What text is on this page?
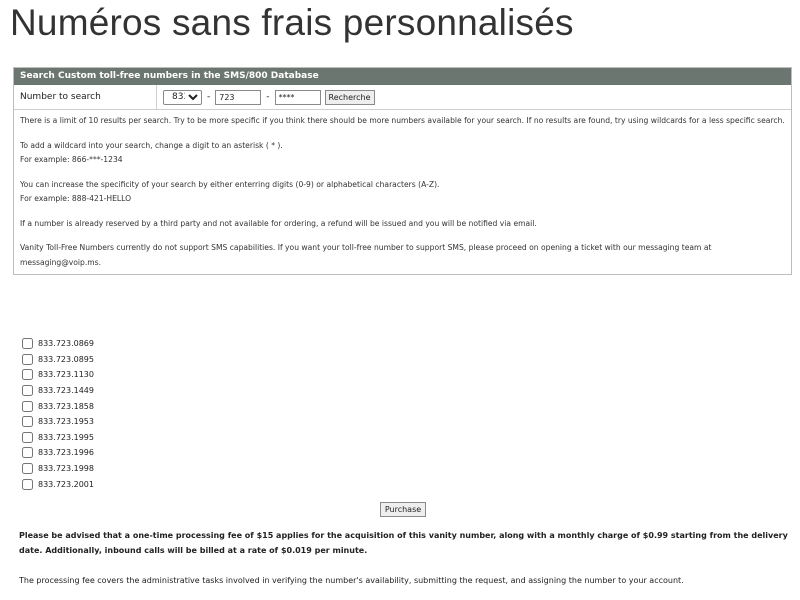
Numéros sans frais personnalisés
Search Custom toll-free numbers in the SMS/800 Database
Number to search
833	-
723	-
****	Recherche

There is a limit of 10 results per search. Try to be more specific if you think there should be more numbers available for your search. If no results are found, try using wildcards for a less specific search.

To add a wildcard into your search, change a digit to an asterisk ( * ).
For example: 866-***-1234

You can increase the specificity of your search by either enterring digits (0-9) or alphabetical characters (A-Z).
For example: 888-421-HELLO

If a number is already reserved by a third party and not available for ordering, a refund will be issued and you will be notified via email.

Vanity Toll-Free Numbers currently do not support SMS capabilities. If you want your toll-free number to support SMS, please proceed on opening a ticket with our messaging team at messaging@voip.ms.

833.723.0869
833.723.0895
833.723.1130
833.723.1449
833.723.1858
833.723.1953
833.723.1995
833.723.1996
833.723.1998
833.723.2001
Purchase

Please be advised that a one-time processing fee of $15 applies for the acquisition of this vanity number, along with a monthly charge of $0.99 starting from the delivery date. Additionally, inbound calls will be billed at a rate of $0.019 per minute.

The processing fee covers the administrative tasks involved in verifying the number's availability, submitting the request, and assigning the number to your account.
